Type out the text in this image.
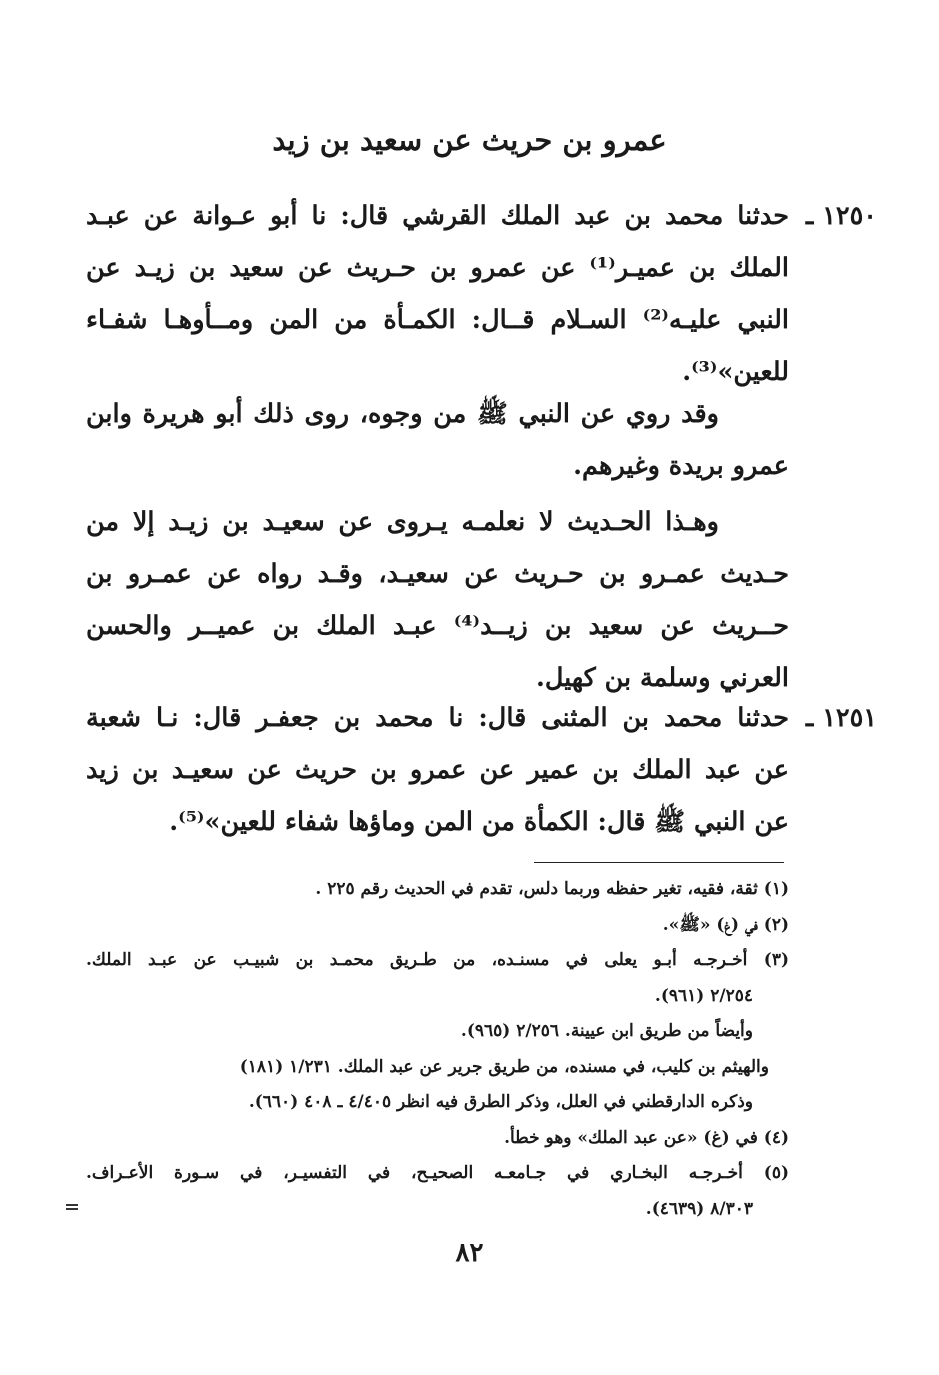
عمرو بن حريث عن سعيد بن زيد
١٢٥٠ ـ
حدثنا محمد بن عبد الملك القرشي قال: نا أبو عـوانة عن عبـد
الملك بن عميـر⁽¹⁾ عن عمرو بن حـريث عن سعيد بن زيـد عن
النبي عليـه⁽²⁾ السـلام قــال: الكمـأة من المن ومــأوهـا شفـاء
للعين»⁽³⁾.
وقد روي عن النبي ﷺ من وجوه، روى ذلك أبو هريرة وابن
عمرو بريدة وغيرهم.
وهـذا الحـديث لا نعلمـه يـروى عن سعيـد بن زيـد إلا من
حـديث عمـرو بن حـريث عن سعيـد، وقـد رواه عن عمـرو بن
حــريث عن سعيد بن زيــد⁽⁴⁾ عبـد الملك بن عميــر والحسن
العرني وسلمة بن كهيل.
١٢٥١ ـ
حدثنا محمد بن المثنى قال: نا محمد بن جعفـر قال: نـا شعبة
عن عبد الملك بن عمير عن عمرو بن حريث عن سعيـد بن زيد
عن النبي ﷺ قال: الكمأة من المن وماؤها شفاء للعين»⁽⁵⁾.
(١) ثقة، فقيه، تغير حفظه وربما دلس، تقدم في الحديث رقم ٢٢٥ .
(٢) في (غ) «ﷺ».
(٣) أخـرجـه أبـو يعلى في مسنـده، من طـريق محمـد بن شبيـب عن عبـد الملك.
٢/٢٥٤ (٩٦١).
وأيضاً من طريق ابن عيينة. ٢/٢٥٦ (٩٦٥).
والهيثم بن كليب، في مسنده، من طريق جرير عن عبد الملك. ١/٢٣١ (١٨١)
وذكره الدارقطني في العلل، وذكر الطرق فيه انظر ٤/٤٠٥ ـ ٤٠٨ (٦٦٠).
(٤) في (غ) «عن عبد الملك» وهو خطأ.
(٥) أخـرجـه البخـاري في جـامعـه الصحيـح، في التفسيـر، في سـورة الأعـراف.
٨/٣٠٣ (٤٦٣٩).
٨٢
